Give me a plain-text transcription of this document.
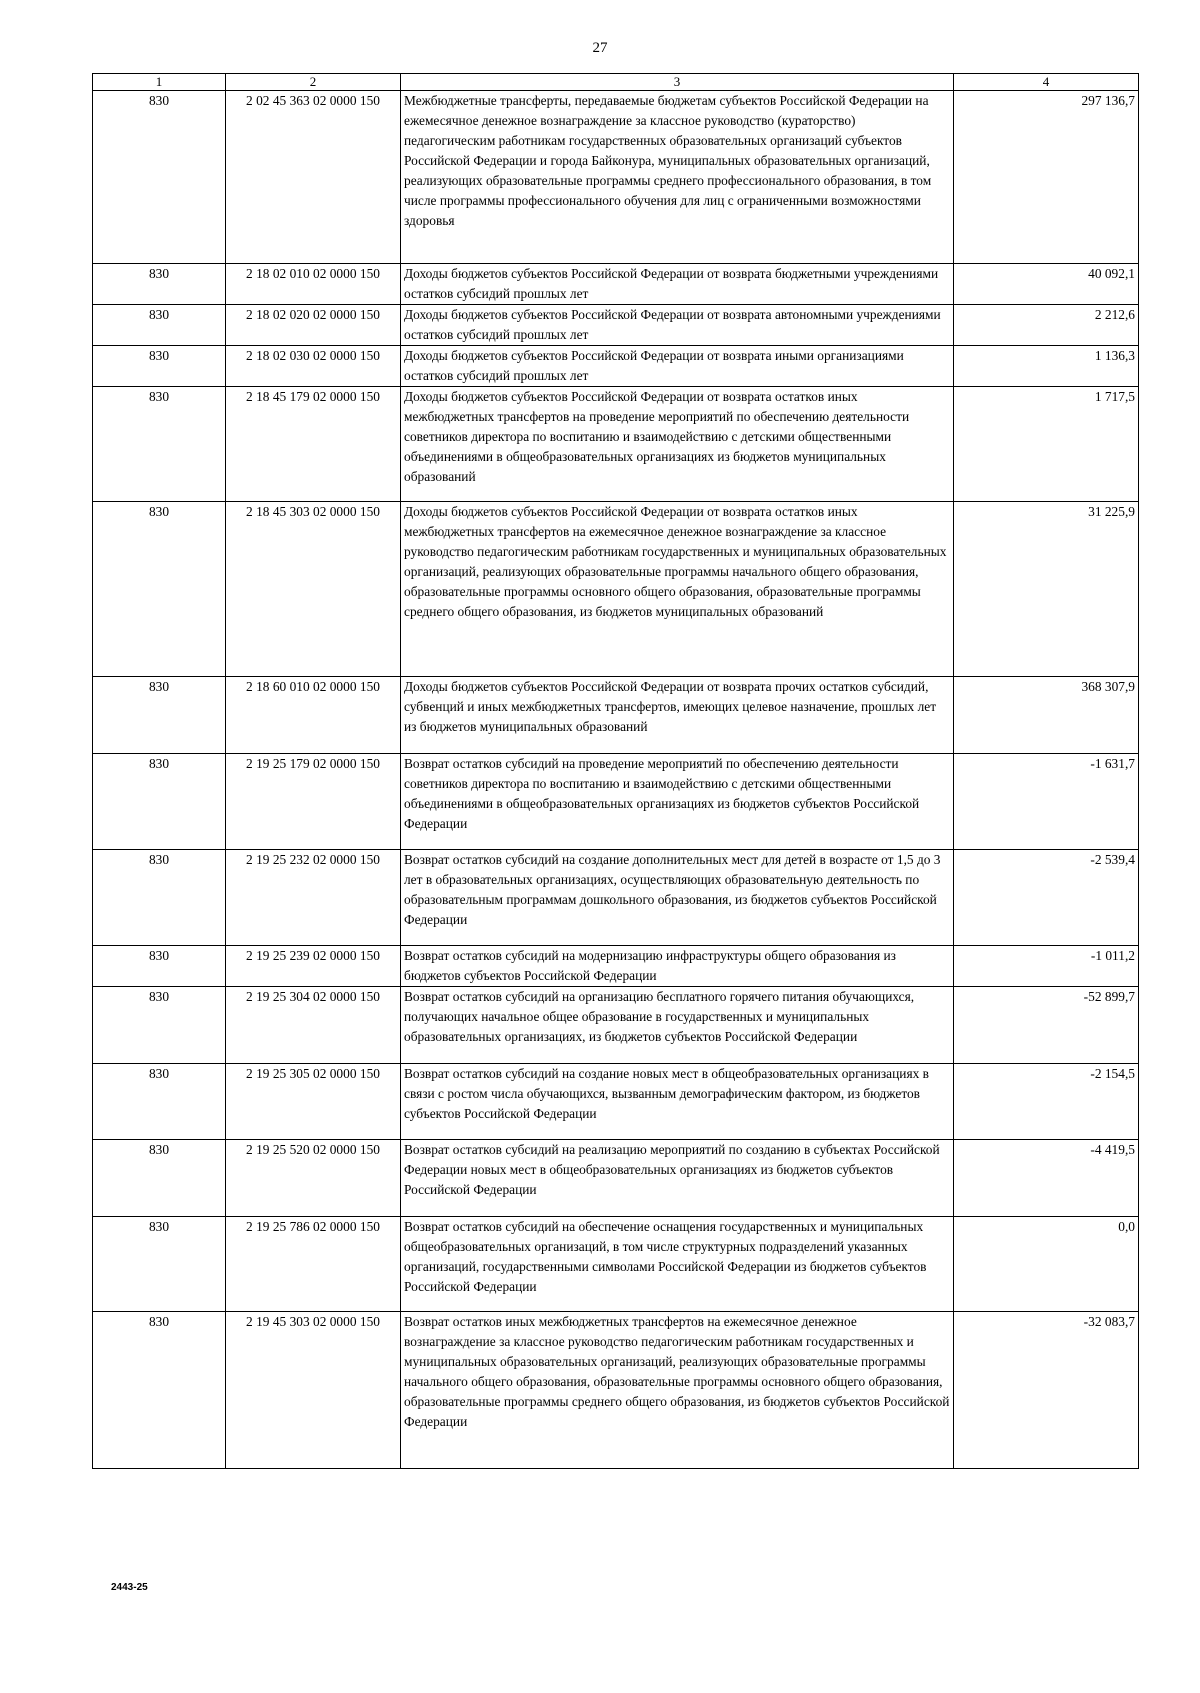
27
1	2	3	4
830	2 02 45 363 02 0000 150	Межбюджетные трансферты, передаваемые бюджетам субъектов Российской Федерации на ежемесячное денежное вознаграждение за классное руководство (кураторство) педагогическим работникам государственных образовательных организаций субъектов Российской Федерации и города Байконура, муниципальных образовательных организаций, реализующих образовательные программы среднего профессионального образования, в том числе программы профессионального обучения для лиц с ограниченными возможностями здоровья	297 136,7
830	2 18 02 010 02 0000 150	Доходы бюджетов субъектов Российской Федерации от возврата бюджетными учреждениями остатков субсидий прошлых лет	40 092,1
830	2 18 02 020 02 0000 150	Доходы бюджетов субъектов Российской Федерации от возврата автономными учреждениями остатков субсидий прошлых лет	2 212,6
830	2 18 02 030 02 0000 150	Доходы бюджетов субъектов Российской Федерации от возврата иными организациями остатков субсидий прошлых лет	1 136,3
830	2 18 45 179 02 0000 150	Доходы бюджетов субъектов Российской Федерации от возврата остатков иных межбюджетных трансфертов на проведение мероприятий по обеспечению деятельности советников директора по воспитанию и взаимодействию с детскими общественными объединениями в общеобразовательных организациях из бюджетов муниципальных образований	1 717,5
830	2 18 45 303 02 0000 150	Доходы бюджетов субъектов Российской Федерации от возврата остатков иных межбюджетных трансфертов на ежемесячное денежное вознаграждение за классное руководство педагогическим работникам государственных и муниципальных образовательных организаций, реализующих образовательные программы начального общего образования, образовательные программы основного общего образования, образовательные программы среднего общего образования, из бюджетов муниципальных образований	31 225,9
830	2 18 60 010 02 0000 150	Доходы бюджетов субъектов Российской Федерации от возврата прочих остатков субсидий, субвенций и иных межбюджетных трансфертов, имеющих целевое назначение, прошлых лет из бюджетов муниципальных образований	368 307,9
830	2 19 25 179 02 0000 150	Возврат остатков субсидий на проведение мероприятий по обеспечению деятельности советников директора по воспитанию и взаимодействию с детскими общественными объединениями в общеобразовательных организациях из бюджетов субъектов Российской Федерации	-1 631,7
830	2 19 25 232 02 0000 150	Возврат остатков субсидий на создание дополнительных мест для детей в возрасте от 1,5 до 3 лет в образовательных организациях, осуществляющих образовательную деятельность по образовательным программам дошкольного образования, из бюджетов субъектов Российской Федерации	-2 539,4
830	2 19 25 239 02 0000 150	Возврат остатков субсидий на модернизацию инфраструктуры общего образования из бюджетов субъектов Российской Федерации	-1 011,2
830	2 19 25 304 02 0000 150	Возврат остатков субсидий на организацию бесплатного горячего питания обучающихся, получающих начальное общее образование в государственных и муниципальных образовательных организациях, из бюджетов субъектов Российской Федерации	-52 899,7
830	2 19 25 305 02 0000 150	Возврат остатков субсидий на создание новых мест в общеобразовательных организациях в связи с ростом числа обучающихся, вызванным демографическим фактором, из бюджетов субъектов Российской Федерации	-2 154,5
830	2 19 25 520 02 0000 150	Возврат остатков субсидий на реализацию мероприятий по созданию в субъектах Российской Федерации новых мест в общеобразовательных организациях из бюджетов субъектов Российской Федерации	-4 419,5
830	2 19 25 786 02 0000 150	Возврат остатков субсидий на обеспечение оснащения государственных и муниципальных общеобразовательных организаций, в том числе структурных подразделений указанных организаций, государственными символами Российской Федерации из бюджетов субъектов Российской Федерации	0,0
830	2 19 45 303 02 0000 150	Возврат остатков иных межбюджетных трансфертов на ежемесячное денежное вознаграждение за классное руководство педагогическим работникам государственных и муниципальных образовательных организаций, реализующих образовательные программы начального общего образования, образовательные программы основного общего образования, образовательные программы среднего общего образования, из бюджетов субъектов Российской Федерации	-32 083,7
2443-25
